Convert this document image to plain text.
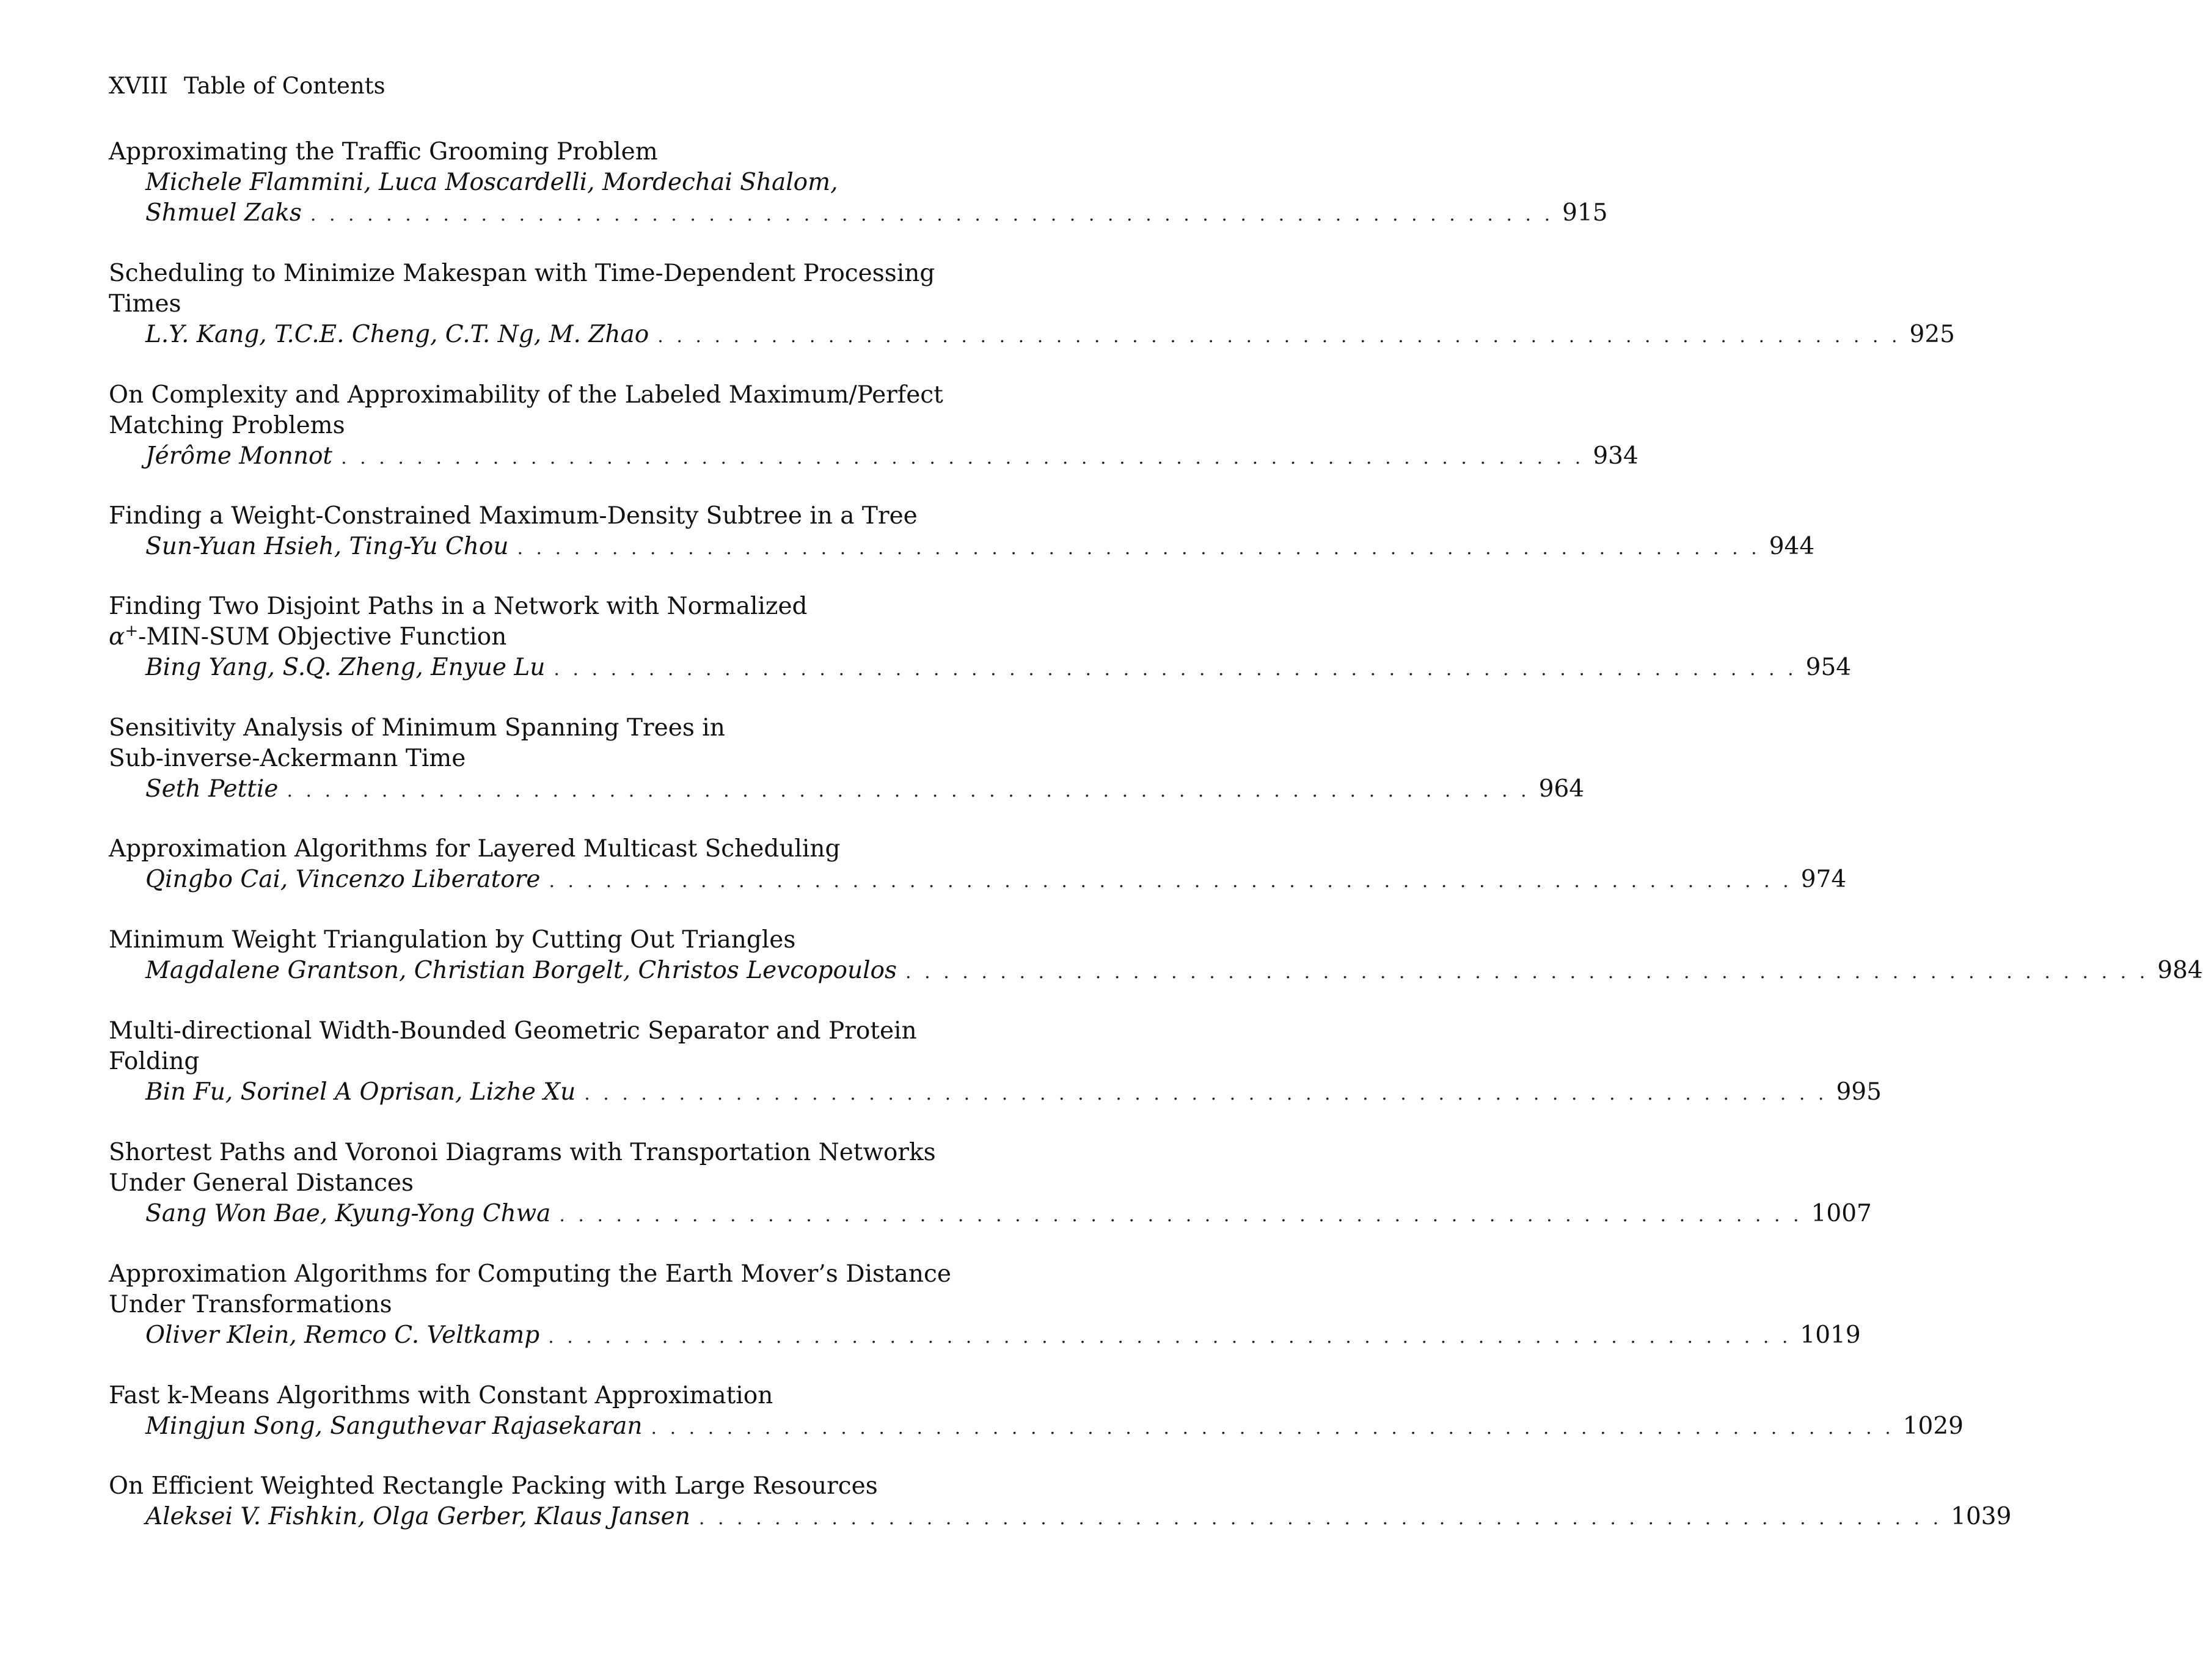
XVIII Table of Contents
Approximating the Traffic Grooming Problem
Michele Flammini, Luca Moscardelli, Mordechai Shalom,
Shmuel Zaks . . . . . . . . . . . . . . . . . . . . . . . . . . . . . . . . . . . . . . . . . . . . . . . . . . . . . . . . . . . . . . . . . . 915
Scheduling to Minimize Makespan with Time-Dependent Processing
Times
L.Y. Kang, T.C.E. Cheng, C.T. Ng, M. Zhao . . . . . . . . . . . . . . . . . . . . . . . . . . . . . . . . . . . . . . . . . . . . . . . . . . . . . . . . . . . . . . . . . . 925
On Complexity and Approximability of the Labeled Maximum/Perfect
Matching Problems
Jérôme Monnot . . . . . . . . . . . . . . . . . . . . . . . . . . . . . . . . . . . . . . . . . . . . . . . . . . . . . . . . . . . . . . . . . . 934
Finding a Weight-Constrained Maximum-Density Subtree in a Tree
Sun-Yuan Hsieh, Ting-Yu Chou . . . . . . . . . . . . . . . . . . . . . . . . . . . . . . . . . . . . . . . . . . . . . . . . . . . . . . . . . . . . . . . . . . 944
Finding Two Disjoint Paths in a Network with Normalized
α+-MIN-SUM Objective Function
Bing Yang, S.Q. Zheng, Enyue Lu . . . . . . . . . . . . . . . . . . . . . . . . . . . . . . . . . . . . . . . . . . . . . . . . . . . . . . . . . . . . . . . . . . 954
Sensitivity Analysis of Minimum Spanning Trees in
Sub-inverse-Ackermann Time
Seth Pettie . . . . . . . . . . . . . . . . . . . . . . . . . . . . . . . . . . . . . . . . . . . . . . . . . . . . . . . . . . . . . . . . . . 964
Approximation Algorithms for Layered Multicast Scheduling
Qingbo Cai, Vincenzo Liberatore . . . . . . . . . . . . . . . . . . . . . . . . . . . . . . . . . . . . . . . . . . . . . . . . . . . . . . . . . . . . . . . . . . 974
Minimum Weight Triangulation by Cutting Out Triangles
Magdalene Grantson, Christian Borgelt, Christos Levcopoulos . . . . . . . . . . . . . . . . . . . . . . . . . . . . . . . . . . . . . . . . . . . . . . . . . . . . . . . . . . . . . . . . . . 984
Multi-directional Width-Bounded Geometric Separator and Protein
Folding
Bin Fu, Sorinel A Oprisan, Lizhe Xu . . . . . . . . . . . . . . . . . . . . . . . . . . . . . . . . . . . . . . . . . . . . . . . . . . . . . . . . . . . . . . . . . . 995
Shortest Paths and Voronoi Diagrams with Transportation Networks
Under General Distances
Sang Won Bae, Kyung-Yong Chwa . . . . . . . . . . . . . . . . . . . . . . . . . . . . . . . . . . . . . . . . . . . . . . . . . . . . . . . . . . . . . . . . . . 1007
Approximation Algorithms for Computing the Earth Mover’s Distance
Under Transformations
Oliver Klein, Remco C. Veltkamp . . . . . . . . . . . . . . . . . . . . . . . . . . . . . . . . . . . . . . . . . . . . . . . . . . . . . . . . . . . . . . . . . . 1019
Fast k-Means Algorithms with Constant Approximation
Mingjun Song, Sanguthevar Rajasekaran . . . . . . . . . . . . . . . . . . . . . . . . . . . . . . . . . . . . . . . . . . . . . . . . . . . . . . . . . . . . . . . . . . 1029
On Efficient Weighted Rectangle Packing with Large Resources
Aleksei V. Fishkin, Olga Gerber, Klaus Jansen . . . . . . . . . . . . . . . . . . . . . . . . . . . . . . . . . . . . . . . . . . . . . . . . . . . . . . . . . . . . . . . . . . 1039
